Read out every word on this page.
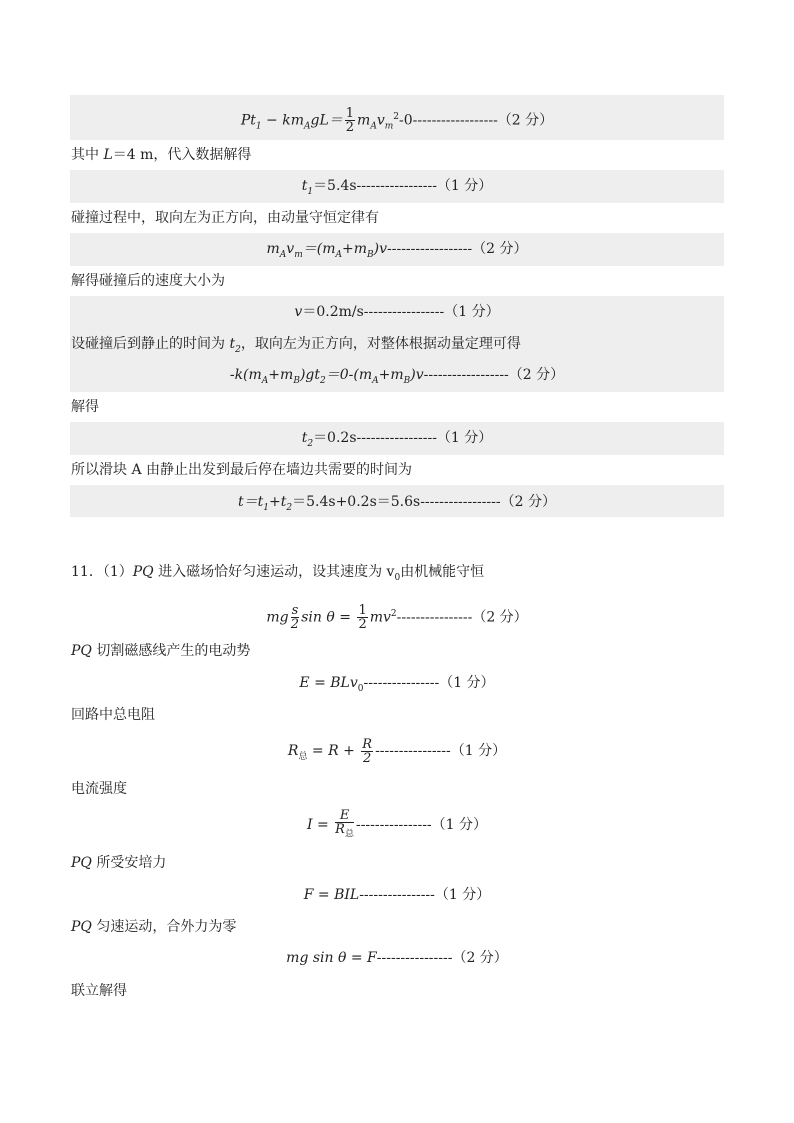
$Pt_1 - km_AgL= \frac{1}{2} m_Av_m^2-0------------------(2$ 分）
其中 L＝4 m，代入数据解得
$t_1=5.4s-----------------(1$ 分）
碰撞过程中，取向左为正方向，由动量守恒定律有
$m_Av_m=(m_A+m_B)v------------------(2$ 分）
解得碰撞后的速度大小为
v＝0.2m/s-----------------（1 分）
设碰撞后到静止的时间为 $t_2$，取向左为正方向，对整体根据动量定理可得
$-k(m_A+m_B)gt_2=0-(m_A+m_B)v------------------(2$ 分）
解得
$t_2=0.2s-----------------(1$ 分）
所以滑块 A 由静止出发到最后停在墙边共需要的时间为
$t=t_1+t_2=5.4s+0.2s=5.6s-----------------(2$ 分）
11．（1）PQ 进入磁场恰好匀速运动，设其速度为 $v_0$由机械能守恒
mg $\frac{s}{2}$ $\sin \theta = \frac{1}{2} mv^2----------------(2$ 分）
PQ 切割磁感线产生的电动势
E = BLv$_0$----------------（1 分）
回路中总电阻
$R_总 = R + \frac{R}{2} ----------------(1$ 分）
电流强度
$I = \frac{E}{R_总} ----------------(1$ 分）
PQ 所受安培力
F = BIL----------------（1 分）
PQ 匀速运动，合外力为零
mg sin θ = F----------------（2 分）
联立解得
